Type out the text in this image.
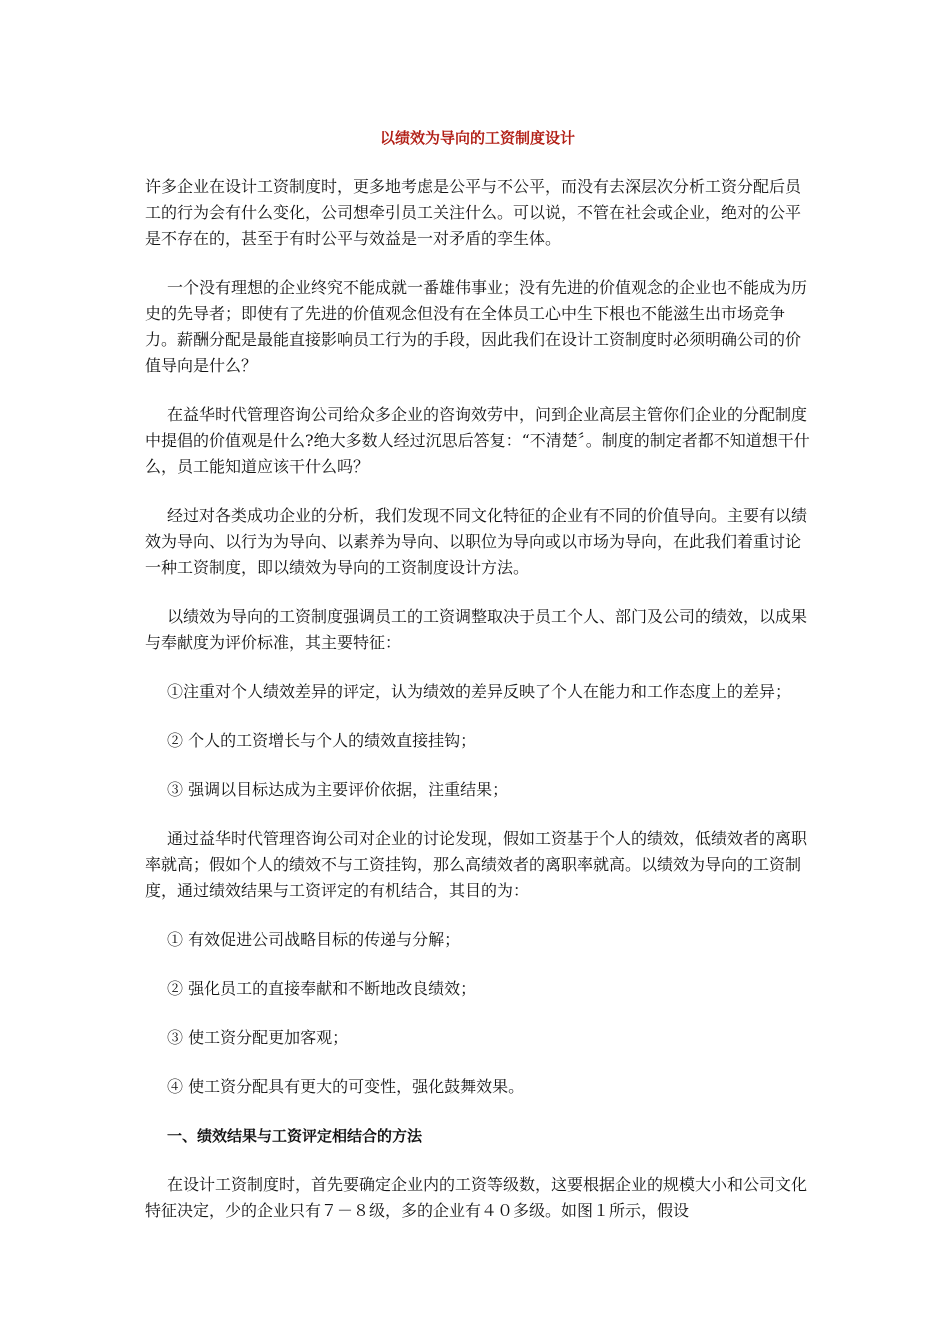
以绩效为导向的工资制度设计

许多企业在设计工资制度时，更多地考虑是公平与不公平，而没有去深层次分析工资分配后员工的行为会有什么变化，公司想牵引员工关注什么。可以说，不管在社会或企业，绝对的公平是不存在的，甚至于有时公平与效益是一对矛盾的孪生体。

一个没有理想的企业终究不能成就一番雄伟事业；没有先进的价值观念的企业也不能成为历史的先导者；即使有了先进的价值观念但没有在全体员工心中生下根也不能滋生出市场竞争力。薪酬分配是最能直接影响员工行为的手段，因此我们在设计工资制度时必须明确公司的价值导向是什么？

在益华时代管理咨询公司给众多企业的咨询效劳中，问到企业高层主管你们企业的分配制度中提倡的价值观是什么?绝大多数人经过沉思后答复：“不清楚〞。制度的制定者都不知道想干什么，员工能知道应该干什么吗？

经过对各类成功企业的分析，我们发现不同文化特征的企业有不同的价值导向。主要有以绩效为导向、以行为为导向、以素养为导向、以职位为导向或以市场为导向，在此我们着重讨论一种工资制度，即以绩效为导向的工资制度设计方法。

以绩效为导向的工资制度强调员工的工资调整取决于员工个人、部门及公司的绩效，以成果与奉献度为评价标准，其主要特征：

①注重对个人绩效差异的评定，认为绩效的差异反映了个人在能力和工作态度上的差异；

② 个人的工资增长与个人的绩效直接挂钩；

③ 强调以目标达成为主要评价依据，注重结果；

通过益华时代管理咨询公司对企业的讨论发现，假如工资基于个人的绩效，低绩效者的离职率就高；假如个人的绩效不与工资挂钩，那么高绩效者的离职率就高。以绩效为导向的工资制度，通过绩效结果与工资评定的有机结合，其目的为：

① 有效促进公司战略目标的传递与分解；

② 强化员工的直接奉献和不断地改良绩效；

③ 使工资分配更加客观；

④ 使工资分配具有更大的可变性，强化鼓舞效果。

一、绩效结果与工资评定相结合的方法

在设计工资制度时，首先要确定企业内的工资等级数，这要根据企业的规模大小和公司文化特征决定，少的企业只有７－８级，多的企业有４０多级。如图１所示，假设
